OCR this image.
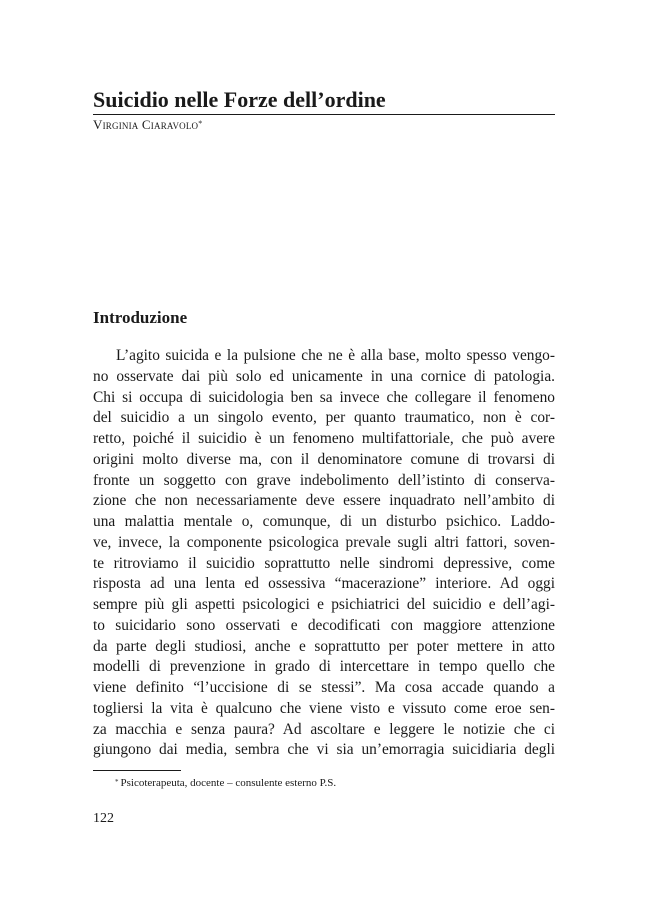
Suicidio nelle Forze dell’ordine
Virginia Ciaravolo*
Introduzione
L’agito suicida e la pulsione che ne è alla base, molto spesso vengo-
no osservate dai più solo ed unicamente in una cornice di patologia.
Chi si occupa di suicidologia ben sa invece che collegare il fenomeno
del suicidio a un singolo evento, per quanto traumatico, non è cor-
retto, poiché il suicidio è un fenomeno multifattoriale, che può avere
origini molto diverse ma, con il denominatore comune di trovarsi di
fronte un soggetto con grave indebolimento dell’istinto di conserva-
zione che non necessariamente deve essere inquadrato nell’ambito di
una malattia mentale o, comunque, di un disturbo psichico. Laddo-
ve, invece, la componente psicologica prevale sugli altri fattori, soven-
te ritroviamo il suicidio soprattutto nelle sindromi depressive, come
risposta ad una lenta ed ossessiva “macerazione” interiore. Ad oggi
sempre più gli aspetti psicologici e psichiatrici del suicidio e dell’agi-
to suicidario sono osservati e decodificati con maggiore attenzione
da parte degli studiosi, anche e soprattutto per poter mettere in atto
modelli di prevenzione in grado di intercettare in tempo quello che
viene definito “l’uccisione di se stessi”. Ma cosa accade quando a
togliersi la vita è qualcuno che viene visto e vissuto come eroe sen-
za macchia e senza paura? Ad ascoltare e leggere le notizie che ci
giungono dai media, sembra che vi sia un’emorragia suicidiaria degli
* Psicoterapeuta, docente – consulente esterno P.S.
122
